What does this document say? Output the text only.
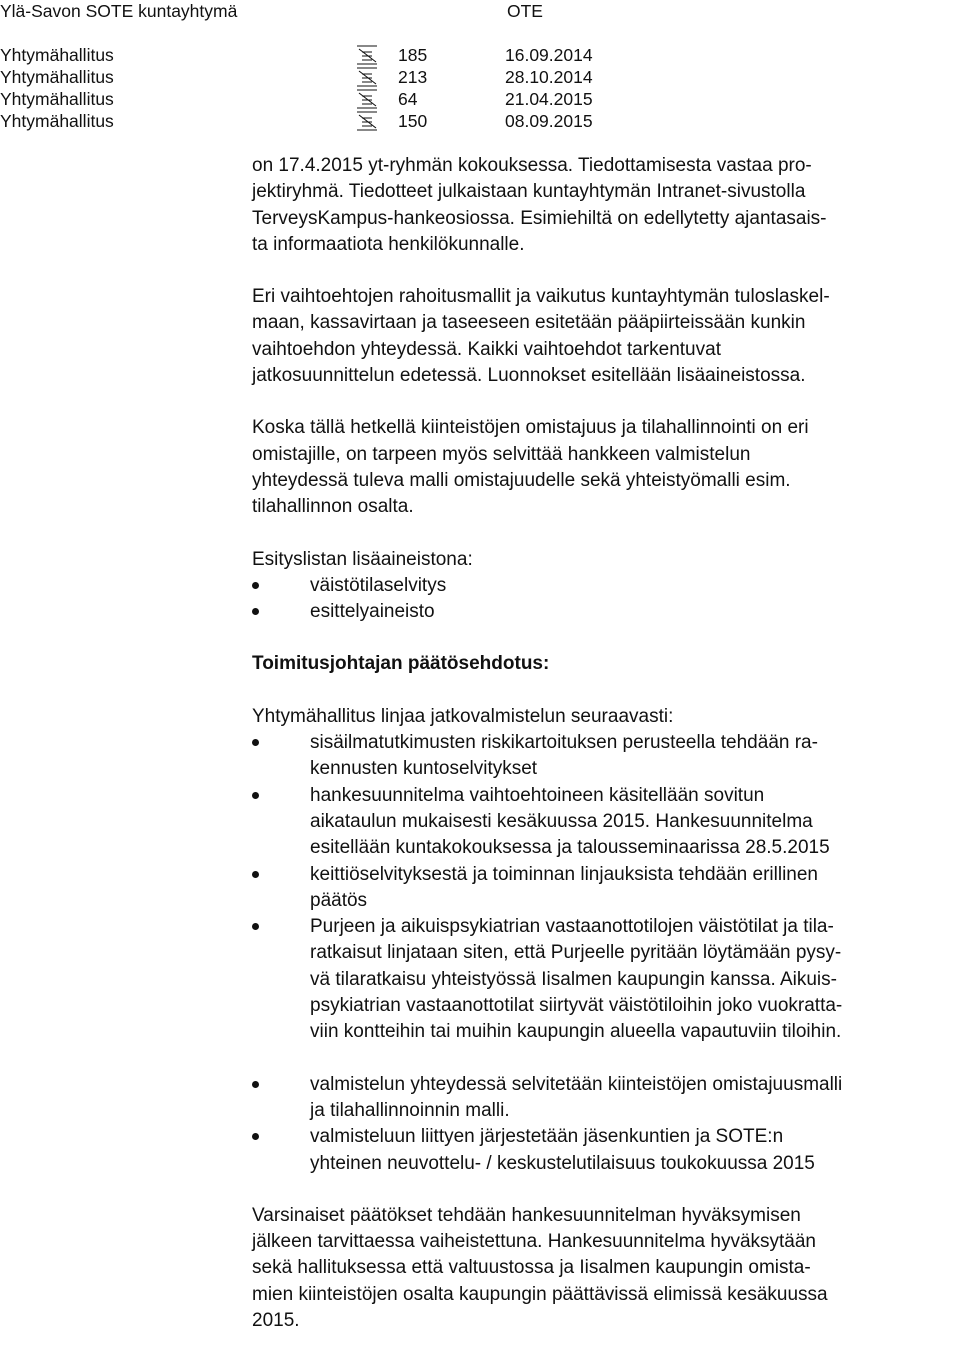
Ylä-Savon SOTE kuntayhtymä	OTE
Yhtymähallitus	185	16.09.2014
Yhtymähallitus	213	28.10.2014
Yhtymähallitus	64	21.04.2015
Yhtymähallitus	150	08.09.2015

on 17.4.2015 yt-ryhmän kokouksessa. Tiedottamisesta vastaa pro-

jektiryhmä. Tiedotteet julkaistaan kuntayhtymän Intranet-sivustolla

TerveysKampus-hankeosiossa. Esimiehiltä on edellytetty ajantasais-

ta informaatiota henkilökunnalle.

Eri vaihtoehtojen rahoitusmallit ja vaikutus kuntayhtymän tuloslaskel-

maan, kassavirtaan ja taseeseen esitetään pääpiirteissään kunkin

vaihtoehdon yhteydessä. Kaikki vaihtoehdot tarkentuvat

jatkosuunnittelun edetessä. Luonnokset esitellään lisäaineistossa.

Koska tällä hetkellä kiinteistöjen omistajuus ja tilahallinnointi on eri

omistajille, on tarpeen myös selvittää hankkeen valmistelun

yhteydessä tuleva malli omistajuudelle sekä yhteistyömalli esim.

tilahallinnon osalta.

Esityslistan lisäaineistona:

väistötilaselvitys
esittelyaineisto

Toimitusjohtajan päätösehdotus:

Yhtymähallitus linjaa jatkovalmistelun seuraavasti:

sisäilmatutkimusten riskikartoituksen perusteella tehdään ra-
kennusten kuntoselvitykset
hankesuunnitelma vaihtoehtoineen käsitellään sovitun
aikataulun mukaisesti kesäkuussa 2015. Hankesuunnitelma
esitellään kuntakokouksessa ja talousseminaarissa 28.5.2015
keittiöselvityksestä ja toiminnan linjauksista tehdään erillinen
päätös
Purjeen ja aikuispsykiatrian vastaanottotilojen väistötilat ja tila-
ratkaisut linjataan siten, että Purjeelle pyritään löytämään pysy-
vä tilaratkaisu yhteistyössä Iisalmen kaupungin kanssa. Aikuis-
psykiatrian vastaanottotilat siirtyvät väistötiloihin joko vuokratta-
viin kontteihin tai muihin kaupungin alueella vapautuviin tiloihin.
valmistelun yhteydessä selvitetään kiinteistöjen omistajuusmalli
ja tilahallinnoinnin malli.
valmisteluun liittyen järjestetään jäsenkuntien ja SOTE:n
yhteinen neuvottelu- / keskustelutilaisuus toukokuussa 2015

Varsinaiset päätökset tehdään hankesuunnitelman hyväksymisen

jälkeen tarvittaessa vaiheistettuna. Hankesuunnitelma hyväksytään

sekä hallituksessa että valtuustossa ja Iisalmen kaupungin omista-

mien kiinteistöjen osalta kaupungin päättävissä elimissä kesäkuussa

2015.
